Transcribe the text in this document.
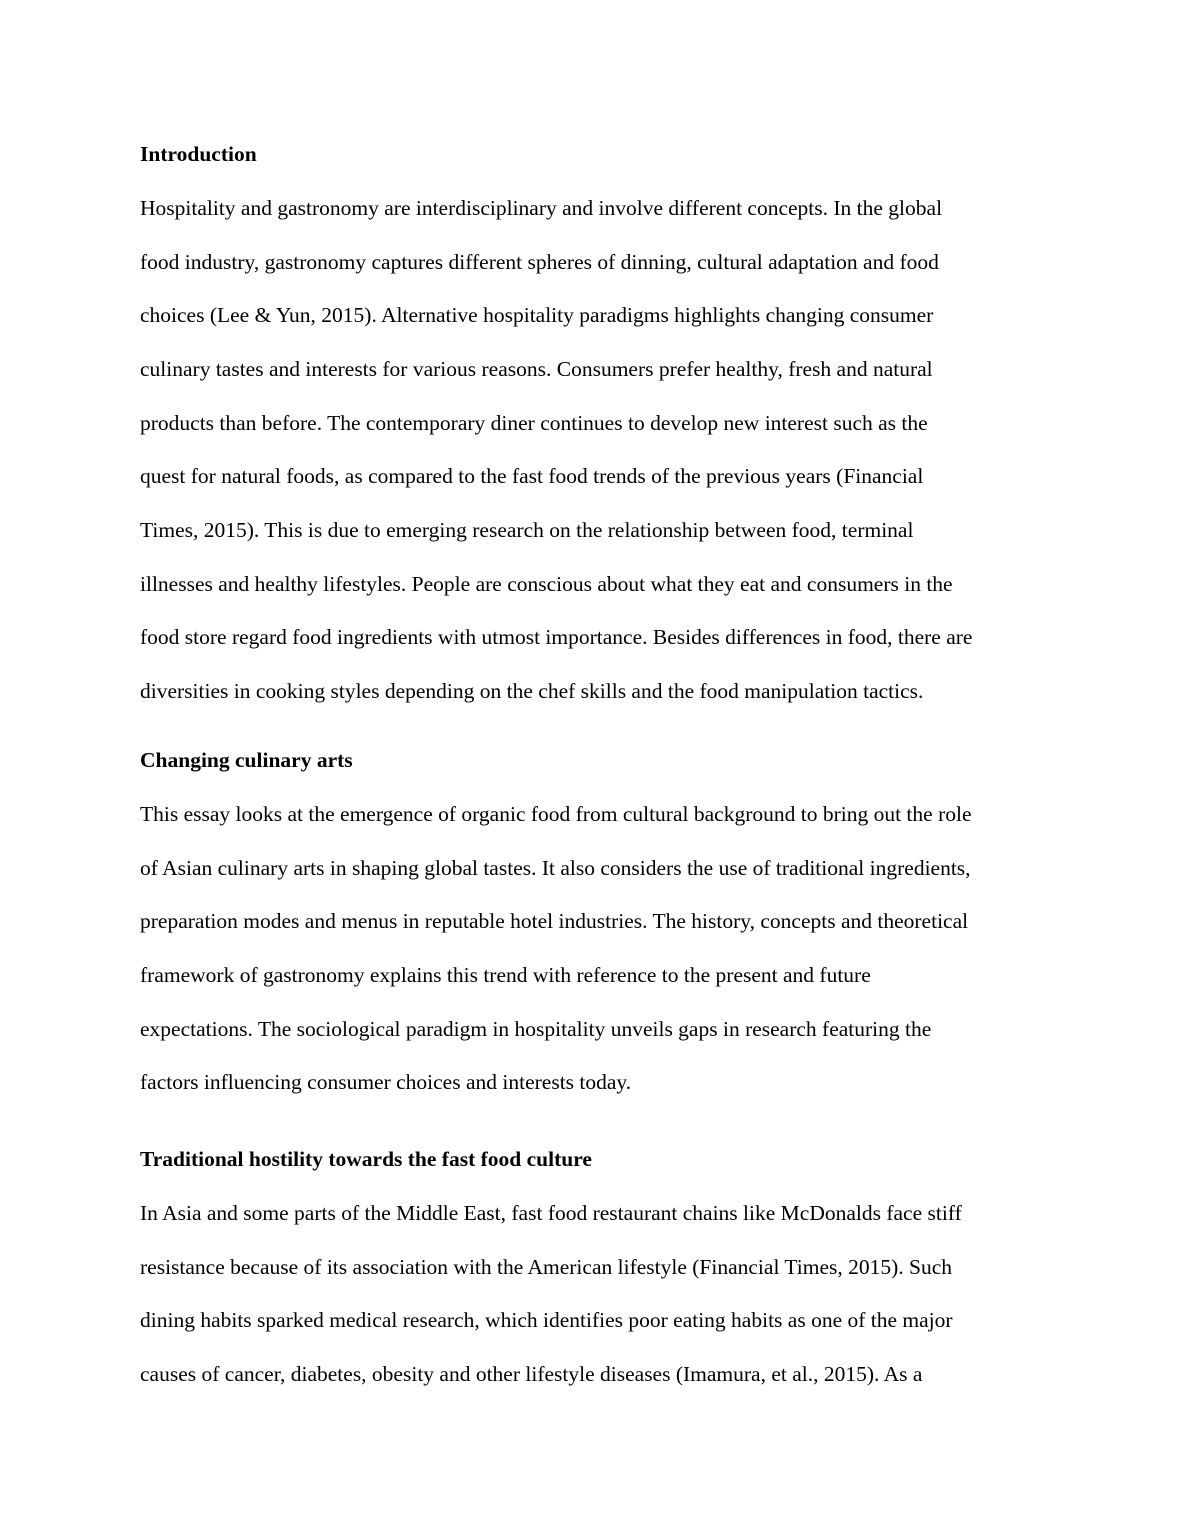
Introduction
Hospitality and gastronomy are interdisciplinary and involve different concepts. In the global
food industry, gastronomy captures different spheres of dinning, cultural adaptation and food
choices (Lee & Yun, 2015). Alternative hospitality paradigms highlights changing consumer
culinary tastes and interests for various reasons. Consumers prefer healthy, fresh and natural
products than before. The contemporary diner continues to develop new interest such as the
quest for natural foods, as compared to the fast food trends of the previous years (Financial
Times, 2015). This is due to emerging research on the relationship between food, terminal
illnesses and healthy lifestyles. People are conscious about what they eat and consumers in the
food store regard food ingredients with utmost importance. Besides differences in food, there are
diversities in cooking styles depending on the chef skills and the food manipulation tactics.
Changing culinary arts
This essay looks at the emergence of organic food from cultural background to bring out the role
of Asian culinary arts in shaping global tastes. It also considers the use of traditional ingredients,
preparation modes and menus in reputable hotel industries. The history, concepts and theoretical
framework of gastronomy explains this trend with reference to the present and future
expectations. The sociological paradigm in hospitality unveils gaps in research featuring the
factors influencing consumer choices and interests today.
Traditional hostility towards the fast food culture
In Asia and some parts of the Middle East, fast food restaurant chains like McDonalds face stiff
resistance because of its association with the American lifestyle (Financial Times, 2015). Such
dining habits sparked medical research, which identifies poor eating habits as one of the major
causes of cancer, diabetes, obesity and other lifestyle diseases (Imamura, et al., 2015). As a
